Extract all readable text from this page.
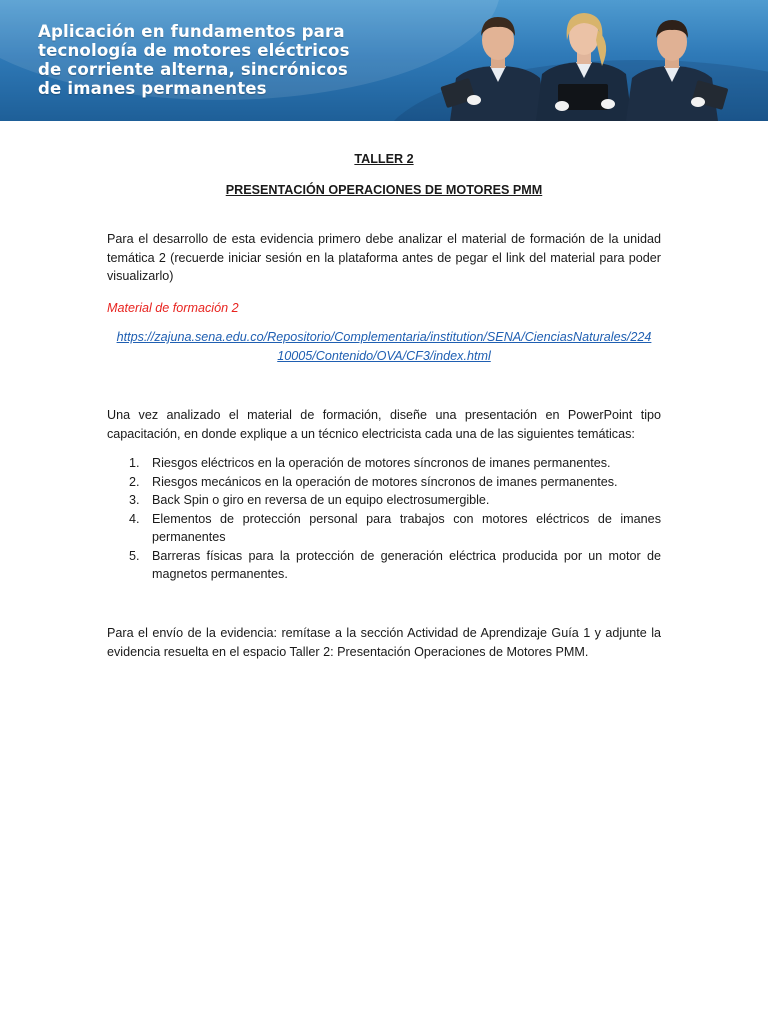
Aplicación en fundamentos para
tecnología de motores eléctricos
de corriente alterna, sincrónicos
de imanes permanentes

TALLER 2

PRESENTACIÓN OPERACIONES DE MOTORES PMM

Para el desarrollo de esta evidencia primero debe analizar el material de formación de la unidad temática 2 (recuerde iniciar sesión en la plataforma antes de pegar el link del material para poder visualizarlo)

Material de formación 2

https://zajuna.sena.edu.co/Repositorio/Complementaria/institution/SENA/CienciasNaturales/224
10005/Contenido/OVA/CF3/index.html

Una vez analizado el material de formación, diseñe una presentación en PowerPoint tipo capacitación, en donde explique a un técnico electricista cada una de las siguientes temáticas:

1. Riesgos eléctricos en la operación de motores síncronos de imanes permanentes.
2. Riesgos mecánicos en la operación de motores síncronos de imanes permanentes.
3. Back Spin o giro en reversa de un equipo electrosumergible.
4. Elementos de protección personal para trabajos con motores eléctricos de imanes permanentes
5. Barreras físicas para la protección de generación eléctrica producida por un motor de magnetos permanentes.

Para el envío de la evidencia: remítase a la sección Actividad de Aprendizaje Guía 1 y adjunte la evidencia resuelta en el espacio Taller 2: Presentación Operaciones de Motores PMM.
